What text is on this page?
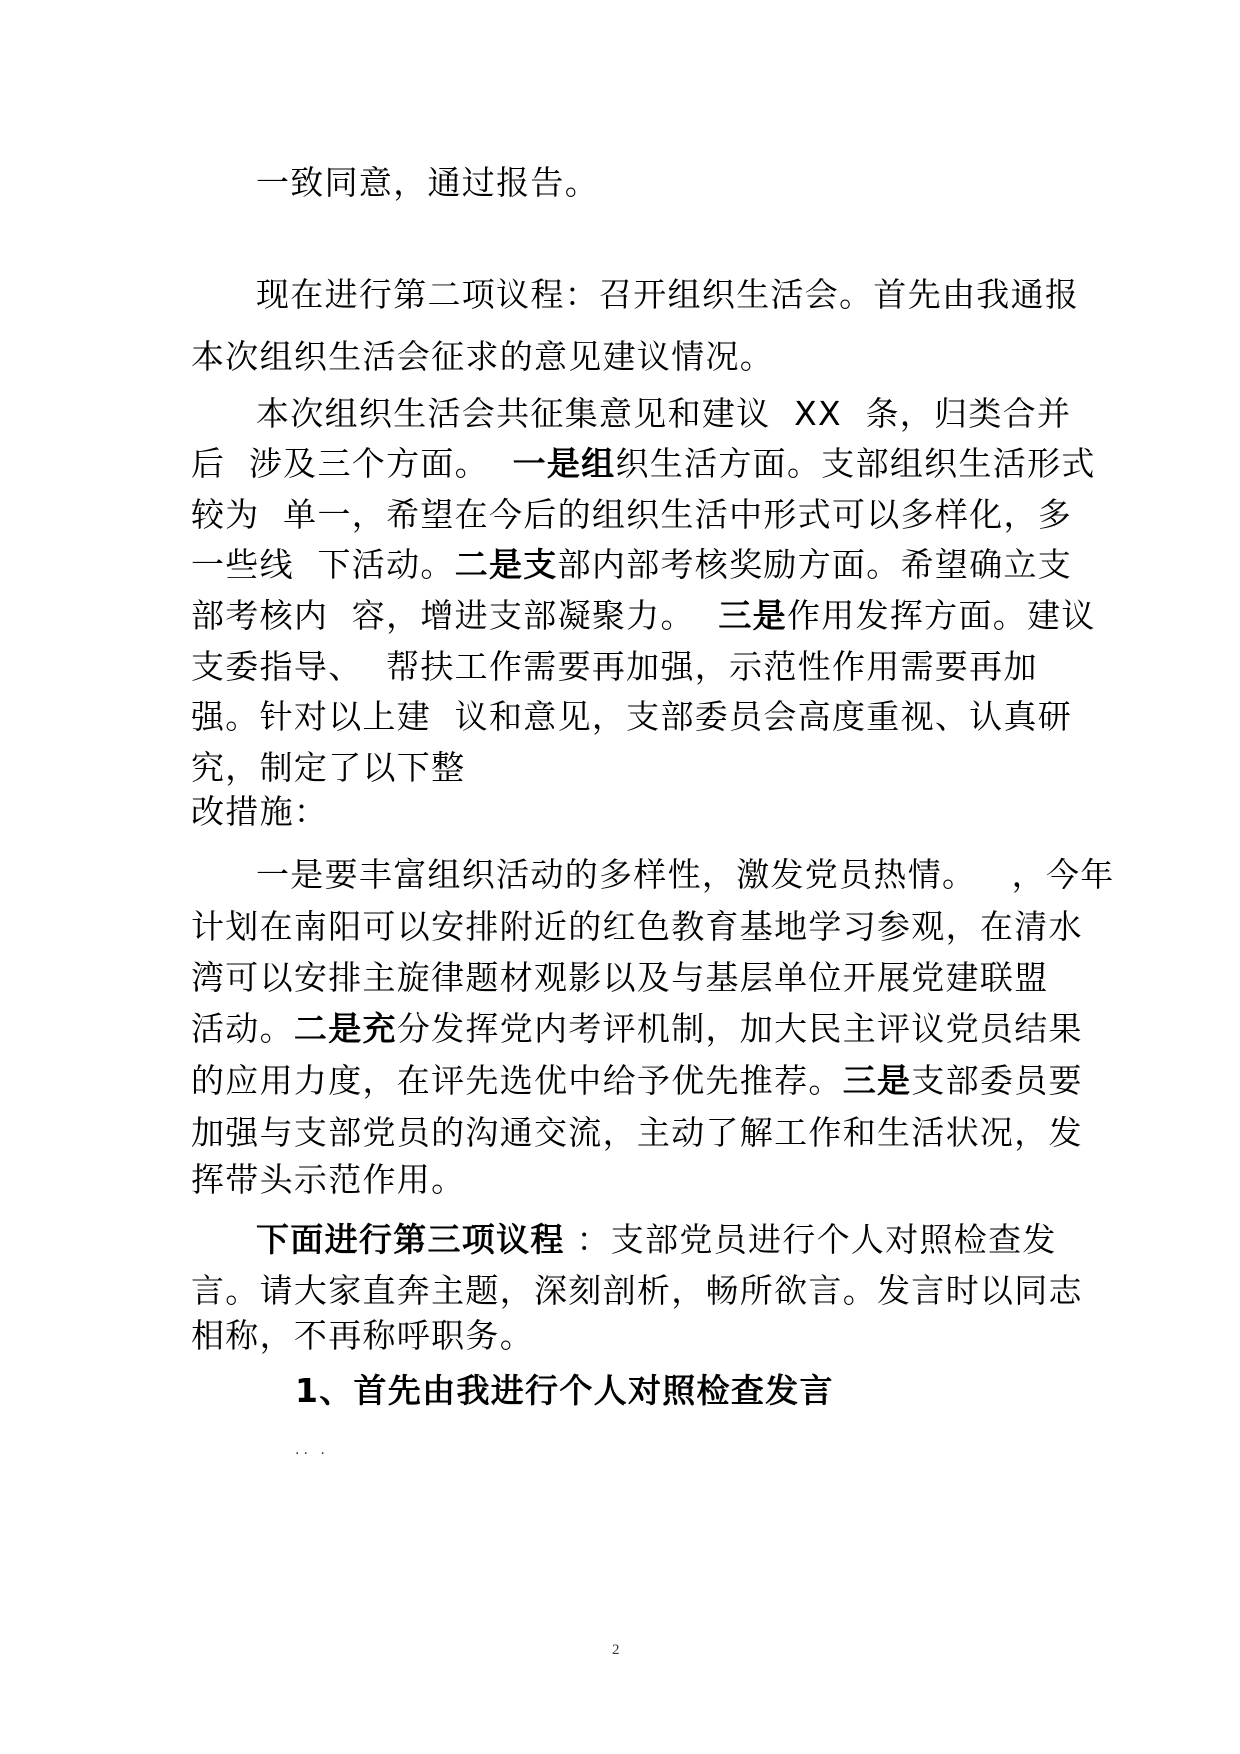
一致同意，通过报告。
现在进行第二项议程：召开组织生活会。首先由我通报
本次组织生活会征求的意见建议情况。
本次组织生活会共征集意见和建议  XX  条，归类合并
后  涉及三个方面。  一是组织生活方面。支部组织生活形式
较为  单一，希望在今后的组织生活中形式可以多样化，多
一些线  下活动。二是支部内部考核奖励方面。希望确立支
部考核内  容，增进支部凝聚力。  三是作用发挥方面。建议
支委指导、  帮扶工作需要再加强，示范性作用需要再加
强。针对以上建  议和意见，支部委员会高度重视、认真研
究，制定了以下整
改措施：
一是要丰富组织活动的多样性，激发党员热情。   ，今年
计划在南阳可以安排附近的红色教育基地学习参观，在清水
湾可以安排主旋律题材观影以及与基层单位开展党建联盟
活动。二是充分发挥党内考评机制，加大民主评议党员结果
的应用力度，在评先选优中给予优先推荐。三是支部委员要
加强与支部党员的沟通交流，主动了解工作和生活状况，发
挥带头示范作用。
下面进行第三项议程 ：支部党员进行个人对照检查发
言。请大家直奔主题，深刻剖析，畅所欲言。发言时以同志
相称，不再称呼职务。
1、首先由我进行个人对照检查发言
·· ·
2
